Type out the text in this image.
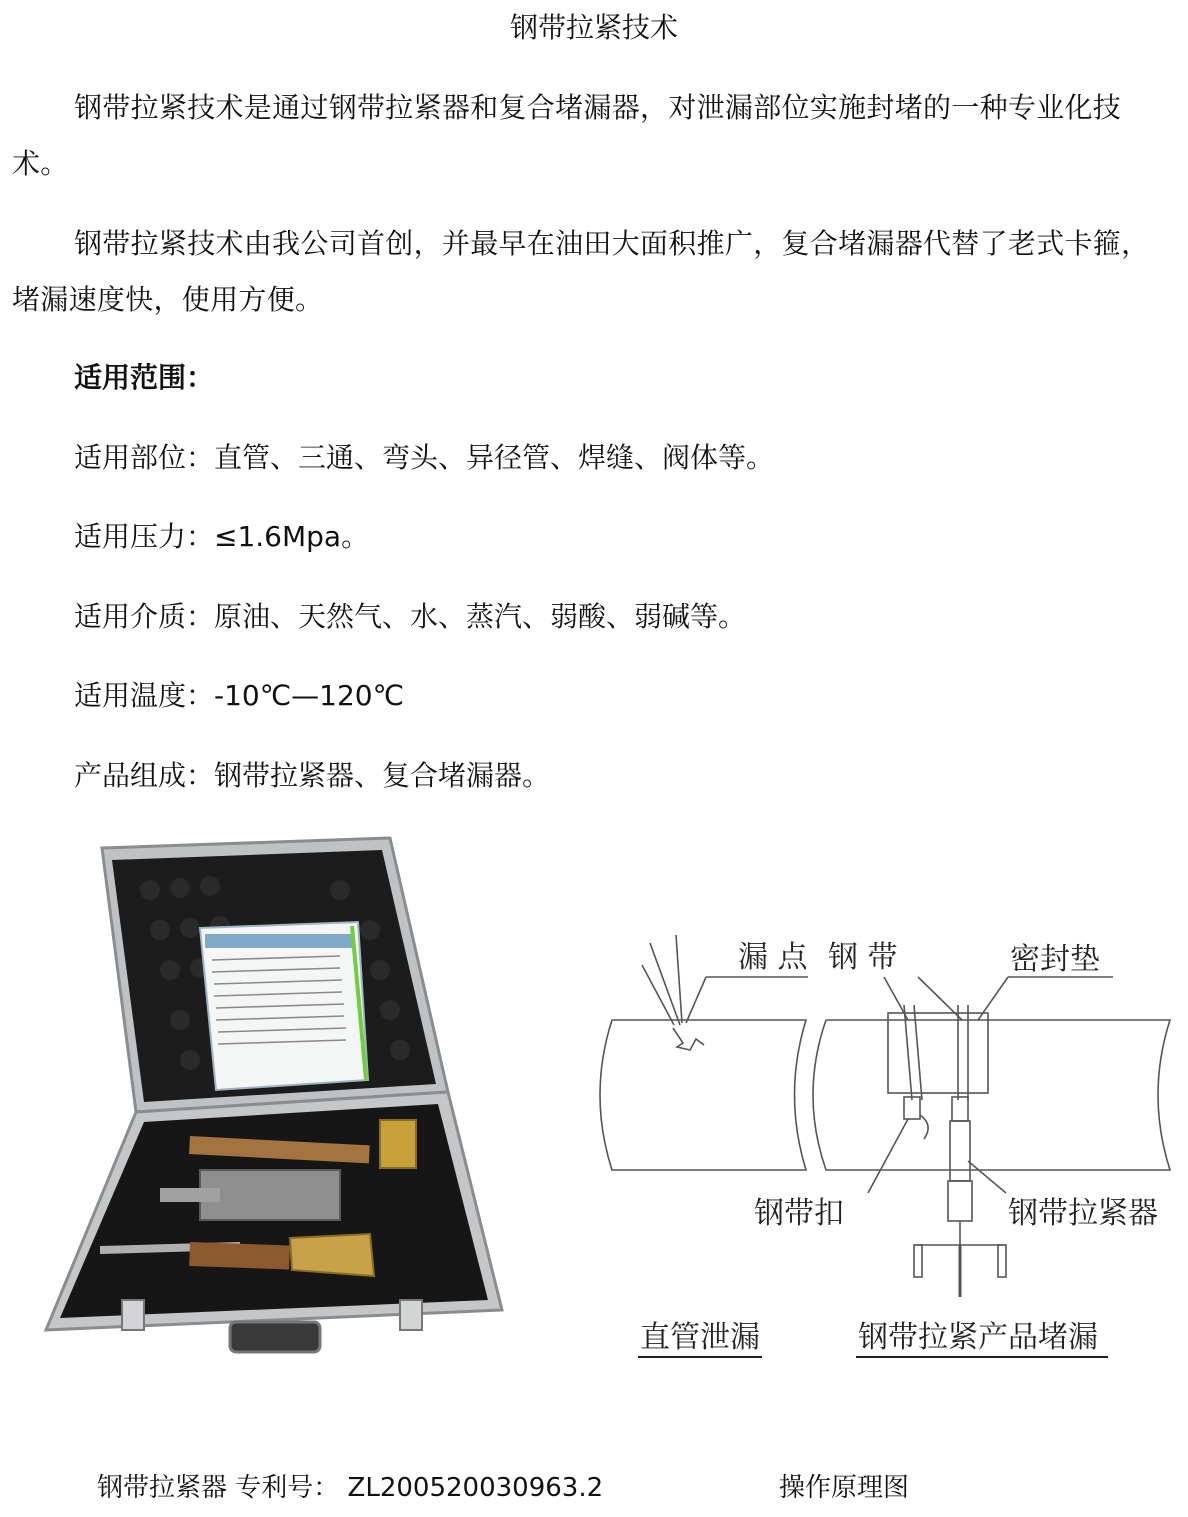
钢带拉紧技术
钢带拉紧技术是通过钢带拉紧器和复合堵漏器，对泄漏部位实施封堵的一种专业化技术。
钢带拉紧技术由我公司首创，并最早在油田大面积推广，复合堵漏器代替了老式卡箍，堵漏速度快，使用方便。
适用范围：
适用部位：直管、三通、弯头、异径管、焊缝、阀体等。
适用压力：≤1.6Mpa。
适用介质：原油、天然气、水、蒸汽、弱酸、弱碱等。
适用温度：-10℃—120℃
产品组成：钢带拉紧器、复合堵漏器。
漏 点 钢 带	密封垫
钢带扣	钢带拉紧器
直管泄漏	钢带拉紧产品堵漏
钢带拉紧器 专利号： ZL200520030963.2	操作原理图
